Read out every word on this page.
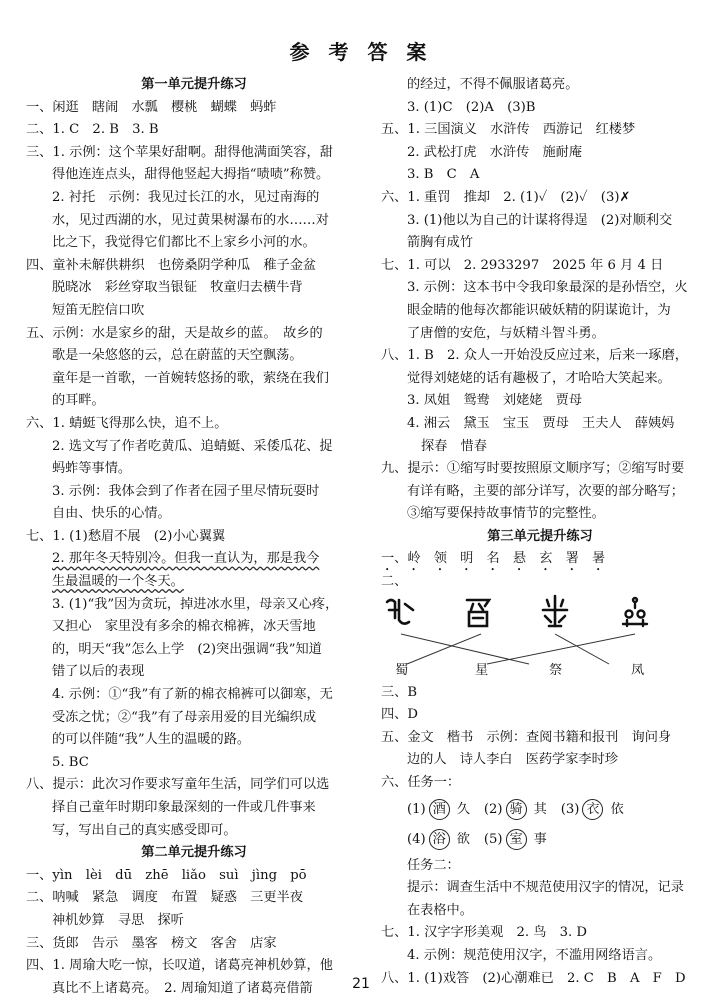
参 考 答 案
第一单元提升练习
一、闲逛　瞎闹　水瓢　樱桃　蝴蝶　蚂蚱
二、1. C　2. B　3. B
三、1. 示例：这个苹果好甜啊。甜得他满面笑容，甜
得他连连点头，甜得他竖起大拇指“啧啧”称赞。
2. 衬托　示例：我见过长江的水，见过南海的
水，见过西湖的水，见过黄果树瀑布的水……对
比之下，我觉得它们都比不上家乡小河的水。
四、童补未解供耕织　也傍桑阴学种瓜　稚子金盆
脱晓冰　彩丝穿取当银钲　牧童归去横牛背
短笛无腔信口吹
五、示例：水是家乡的甜，天是故乡的蓝。　故乡的
歌是一朵悠悠的云，总在蔚蓝的天空飘荡。
童年是一首歌，一首婉转悠扬的歌，萦绕在我们
的耳畔。
六、1. 蜻蜓飞得那么快，追不上。
2. 选文写了作者吃黄瓜、追蜻蜓、采倭瓜花、捉
蚂蚱等事情。
3. 示例：我体会到了作者在园子里尽情玩耍时
自由、快乐的心情。
七、1. (1)愁眉不展　(2)小心翼翼
2. 那年冬天特别冷。但我一直认为，那是我今
生最温暖的一个冬天。
3. (1)“我”因为贪玩，掉进冰水里，母亲又心疼，
又担心　家里没有多余的棉衣棉裤，冰天雪地
的，明天“我”怎么上学　(2)突出强调“我”知道
错了以后的表现
4. 示例：①“我”有了新的棉衣棉裤可以御寒，无
受冻之忧；②“我”有了母亲用爱的目光编织成
的可以伴随“我”人生的温暖的路。
5. BC
八、提示：此次习作要求写童年生活，同学们可以选
择自己童年时期印象最深刻的一件或几件事来
写，写出自己的真实感受即可。
第二单元提升练习
一、yìn　lèi　dū　zhē　liǎo　suì　jìng　pō
二、呐喊　紧急　调度　布置　疑惑　三更半夜
神机妙算　寻思　探听
三、货郎　告示　墨客　榜文　客舍　店家
四、1. 周瑜大吃一惊，长叹道，诸葛亮神机妙算，他
真比不上诸葛亮。　2. 周瑜知道了诸葛亮借箭
的经过，不得不佩服诸葛亮。
3. (1)C　(2)A　(3)B
五、1. 三国演义　水浒传　西游记　红楼梦
2. 武松打虎　水浒传　施耐庵
3. B　C　A
六、1. 重罚　推却　2. (1)✓　(2)✓　(3)✗
3. (1)他以为自己的计谋将得逞　(2)对顺利交
箭胸有成竹
七、1. 可以　2. 2933297　2025 年 6 月 4 日
3. 示例：这本书中令我印象最深的是孙悟空，火
眼金睛的他每次都能识破妖精的阴谋诡计，为
了唐僧的安危，与妖精斗智斗勇。
八、1. B　2. 众人一开始没反应过来，后来一琢磨，
觉得刘姥姥的话有趣极了，才哈哈大笑起来。
3. 凤姐　鸳鸯　刘姥姥　贾母
4. 湘云　黛玉　宝玉　贾母　王夫人　薛姨妈
探春　惜春
九、提示：①缩写时要按照原文顺序写；②缩写时要
有详有略，主要的部分详写，次要的部分略写；
③缩写要保持故事情节的完整性。
第三单元提升练习
一、岭　领　明　名　悬　玄　署　暑
二、
蜀	星	祭	凤
三、B
四、D
五、金文　楷书　示例：查阅书籍和报刊　询问身
边的人　诗人李白　医药学家李时珍
六、任务一：
(1) 酒 久 (2) 骑 其 (3) 衣 依
(4) 浴 欲 (5) 室 事
任务二：
提示：调查生活中不规范使用汉字的情况，记录
在表格中。
七、1. 汉字字形美观　2. 鸟　3. D
4. 示例：规范使用汉字，不滥用网络语言。
八、1. (1)戏答　(2)心潮难已　2. C　B　A　F　D
21
